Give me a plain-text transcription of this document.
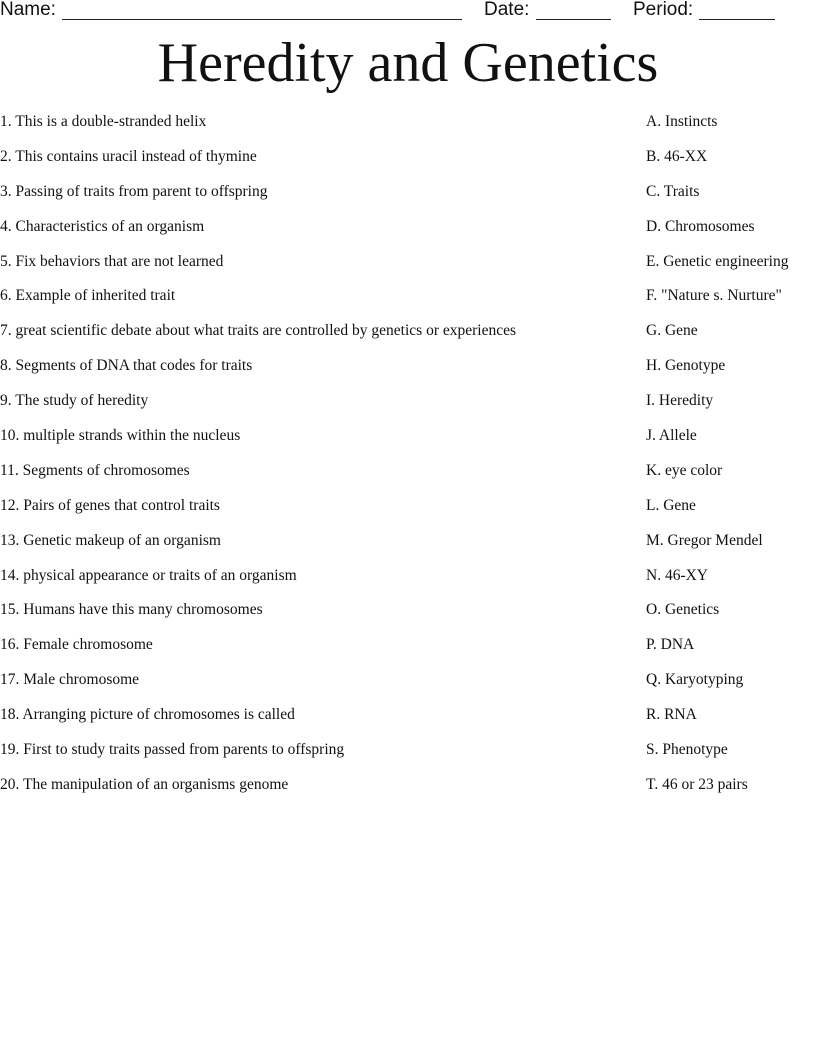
Name:	Date:	Period:
Heredity and Genetics
1. This is a double-stranded helix
2. This contains uracil instead of thymine
3. Passing of traits from parent to offspring
4. Characteristics of an organism
5. Fix behaviors that are not learned
6. Example of inherited trait
7. great scientific debate about what traits are controlled by genetics or experiences
8. Segments of DNA that codes for traits
9. The study of heredity
10. multiple strands within the nucleus
11. Segments of chromosomes
12. Pairs of genes that control traits
13. Genetic makeup of an organism
14. physical appearance or traits of an organism
15. Humans have this many chromosomes
16. Female chromosome
17. Male chromosome
18. Arranging picture of chromosomes is called
19. First to study traits passed from parents to offspring
20. The manipulation of an organisms genome
A. Instincts
B. 46-XX
C. Traits
D. Chromosomes
E. Genetic engineering
F. "Nature s. Nurture"
G. Gene
H. Genotype
I. Heredity
J. Allele
K. eye color
L. Gene
M. Gregor Mendel
N. 46-XY
O. Genetics
P. DNA
Q. Karyotyping
R. RNA
S. Phenotype
T. 46 or 23 pairs
